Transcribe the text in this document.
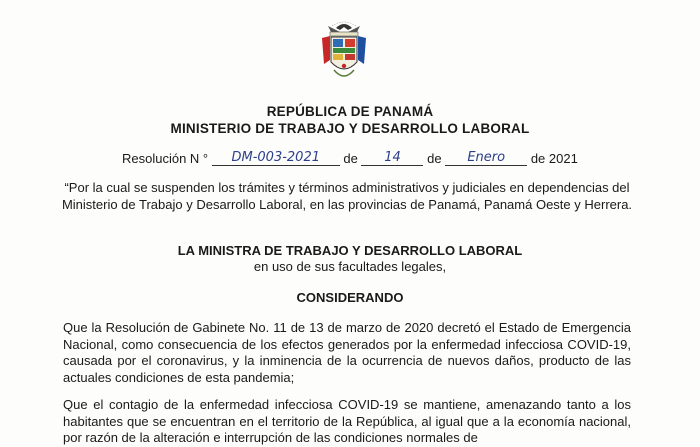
REPÚBLICA DE PANAMÁ
MINISTERIO DE TRABAJO Y DESARROLLO LABORAL
Resolución N ° DM-003-2021 de 14 de Enero de 2021
“Por la cual se suspenden los trámites y términos administrativos y judiciales en dependencias del Ministerio de Trabajo y Desarrollo Laboral, en las provincias de Panamá, Panamá Oeste y Herrera.
LA MINISTRA DE TRABAJO Y DESARROLLO LABORAL
en uso de sus facultades legales,
CONSIDERANDO
Que la Resolución de Gabinete No. 11 de 13 de marzo de 2020 decretó el Estado de Emergencia Nacional, como consecuencia de los efectos generados por la enfermedad infecciosa COVID-19, causada por el coronavirus, y la inminencia de la ocurrencia de nuevos daños, producto de las actuales condiciones de esta pandemia;
Que el contagio de la enfermedad infecciosa COVID-19 se mantiene, amenazando tanto a los habitantes que se encuentran en el territorio de la República, al igual que a la economía nacional, por razón de la alteración e interrupción de las condiciones normales de
